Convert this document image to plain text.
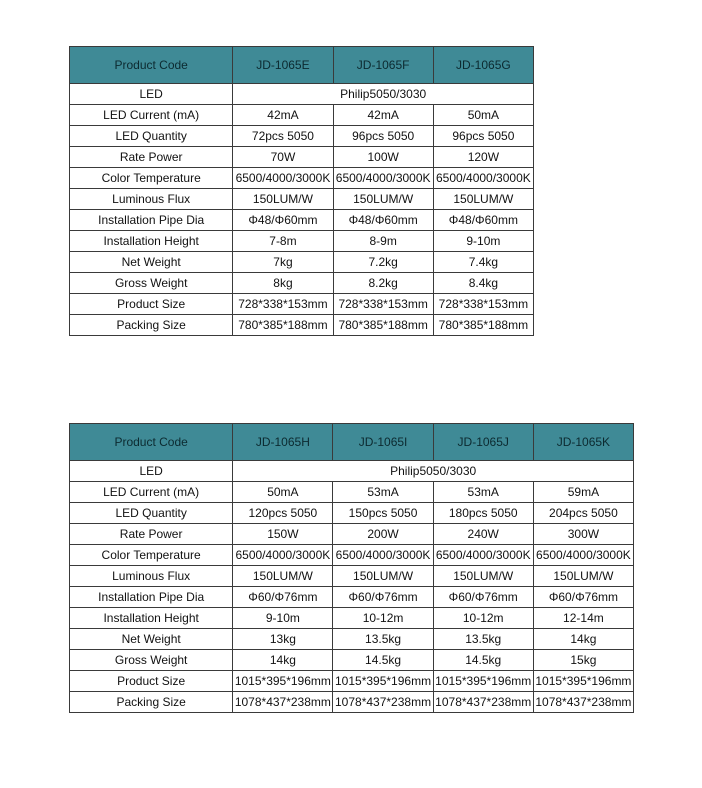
Product Code	JD-1065E	JD-1065F	JD-1065G
LED	Philip5050/3030		
LED Current (mA)	42mA	42mA	50mA
LED Quantity	72pcs 5050	96pcs 5050	96pcs 5050
Rate Power	70W	100W	120W
Color Temperature	6500/4000/3000K	6500/4000/3000K	6500/4000/3000K
Luminous Flux	150LUM/W	150LUM/W	150LUM/W
Installation Pipe Dia	Φ48/Φ60mm	Φ48/Φ60mm	Φ48/Φ60mm
Installation Height	7-8m	8-9m	9-10m
Net Weight	7kg	7.2kg	7.4kg
Gross Weight	8kg	8.2kg	8.4kg
Product Size	728*338*153mm	728*338*153mm	728*338*153mm
Packing Size	780*385*188mm	780*385*188mm	780*385*188mm
Product Code	JD-1065H	JD-1065I	JD-1065J	JD-1065K
LED	Philip5050/3030			
LED Current (mA)	50mA	53mA	53mA	59mA
LED Quantity	120pcs 5050	150pcs 5050	180pcs 5050	204pcs 5050
Rate Power	150W	200W	240W	300W
Color Temperature	6500/4000/3000K	6500/4000/3000K	6500/4000/3000K	6500/4000/3000K
Luminous Flux	150LUM/W	150LUM/W	150LUM/W	150LUM/W
Installation Pipe Dia	Φ60/Φ76mm	Φ60/Φ76mm	Φ60/Φ76mm	Φ60/Φ76mm
Installation Height	9-10m	10-12m	10-12m	12-14m
Net Weight	13kg	13.5kg	13.5kg	14kg
Gross Weight	14kg	14.5kg	14.5kg	15kg
Product Size	1015*395*196mm	1015*395*196mm	1015*395*196mm	1015*395*196mm
Packing Size	1078*437*238mm	1078*437*238mm	1078*437*238mm	1078*437*238mm
